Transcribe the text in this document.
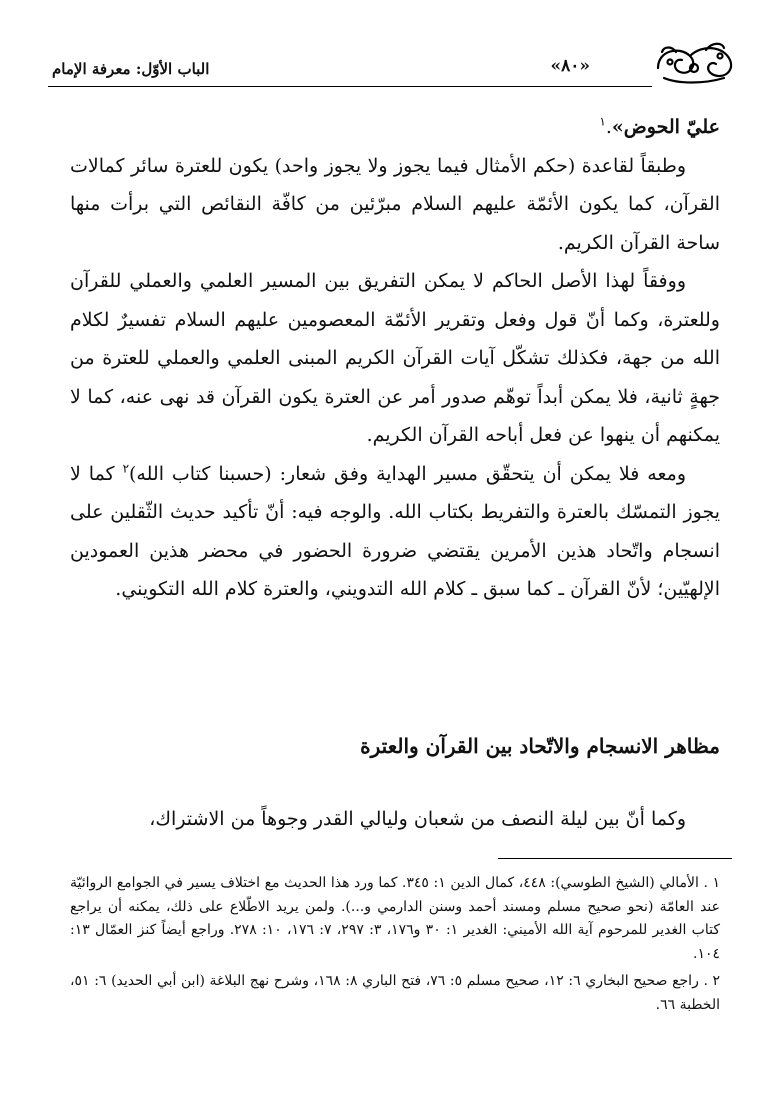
«٨٠»
الباب الأوّل: معرفة الإمام

عليّ الحوض».$^١$

وطبقاً لقاعدة (حكم الأمثال فيما يجوز ولا يجوز واحد) يكون للعترة سائر كمالات القرآن، كما يكون الأئمّة عليهم السلام مبرّئين من كافّة النقائص التي برأت منها ساحة القرآن الكريم.

ووفقاً لهذا الأصل الحاكم لا يمكن التفريق بين المسير العلمي والعملي للقرآن وللعترة، وكما أنّ قول وفعل وتقرير الأئمّة المعصومين عليهم السلام تفسيرٌ لكلام الله من جهة، فكذلك تشكّل آيات القرآن الكريم المبنى العلمي والعملي للعترة من جهةٍ ثانية، فلا يمكن أبداً توهّم صدور أمر عن العترة يكون القرآن قد نهى عنه، كما لا يمكنهم أن ينهوا عن فعل أباحه القرآن الكريم.

ومعه فلا يمكن أن يتحقّق مسير الهداية وفق شعار: (حسبنا كتاب الله)$^٢$ كما لا يجوز التمسّك بالعترة والتفريط بكتاب الله. والوجه فيه: أنّ تأكيد حديث الثّقلين على انسجام واتّحاد هذين الأمرين يقتضي ضرورة الحضور في محضر هذين العمودين الإلهيّين؛ لأنّ القرآن ـ كما سبق ـ كلام الله التدويني، والعترة كلام الله التكويني.

مظاهر الانسجام والاتّحاد بين القرآن والعترة
وكما أنّ بين ليلة النصف من شعبان وليالي القدر وجوهاً من الاشتراك،

١ . الأمالي (الشيخ الطوسي): ٤٤٨، كمال الدين ١: ٣٤٥. كما ورد هذا الحديث مع اختلاف يسير في الجوامع الروائيّة عند العامّة (نحو صحيح مسلم ومسند أحمد وسنن الدارمي و...). ولمن يريد الاطّلاع على ذلك، يمكنه أن يراجع كتاب الغدير للمرحوم آية الله الأميني: الغدير ١: ٣٠ و١٧٦، ٣: ٢٩٧، ٧: ١٧٦، ١٠: ٢٧٨. وراجع أيضاً كنز العمّال ١٣: ١٠٤.

٢ . راجع صحيح البخاري ٦: ١٢، صحيح مسلم ٥: ٧٦، فتح الباري ٨: ١٦٨، وشرح نهج البلاغة (ابن أبي الحديد) ٦: ٥١، الخطبة ٦٦.
